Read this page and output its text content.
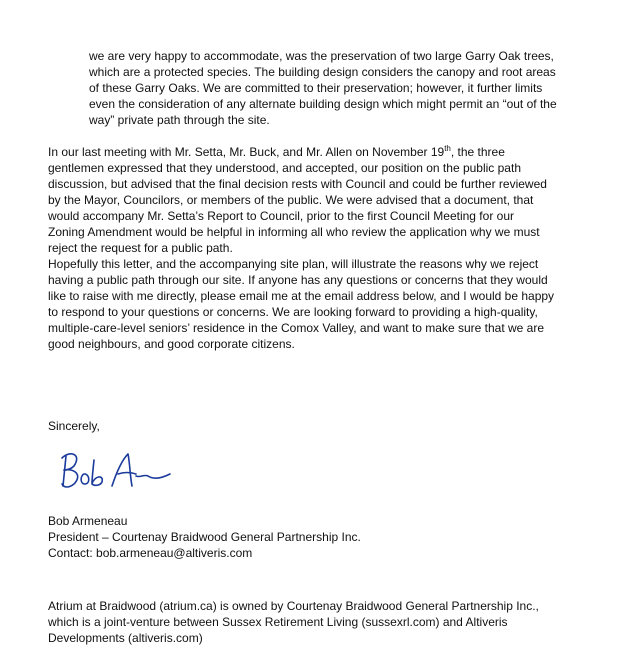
we are very happy to accommodate, was the preservation of two large Garry Oak trees,
which are a protected species. The building design considers the canopy and root areas
of these Garry Oaks. We are committed to their preservation; however, it further limits
even the consideration of any alternate building design which might permit an “out of the
way” private path through the site.
In our last meeting with Mr. Setta, Mr. Buck, and Mr. Allen on November 19th, the three
gentlemen expressed that they understood, and accepted, our position on the public path
discussion, but advised that the final decision rests with Council and could be further reviewed
by the Mayor, Councilors, or members of the public. We were advised that a document, that
would accompany Mr. Setta’s Report to Council, prior to the first Council Meeting for our
Zoning Amendment would be helpful in informing all who review the application why we must
reject the request for a public path.
Hopefully this letter, and the accompanying site plan, will illustrate the reasons why we reject
having a public path through our site. If anyone has any questions or concerns that they would
like to raise with me directly, please email me at the email address below, and I would be happy
to respond to your questions or concerns. We are looking forward to providing a high-quality,
multiple-care-level seniors’ residence in the Comox Valley, and want to make sure that we are
good neighbours, and good corporate citizens.
Sincerely,
Bob Armeneau
President – Courtenay Braidwood General Partnership Inc.
Contact: bob.armeneau@altiveris.com
Atrium at Braidwood (atrium.ca) is owned by Courtenay Braidwood General Partnership Inc.,
which is a joint-venture between Sussex Retirement Living (sussexrl.com) and Altiveris
Developments (altiveris.com)
